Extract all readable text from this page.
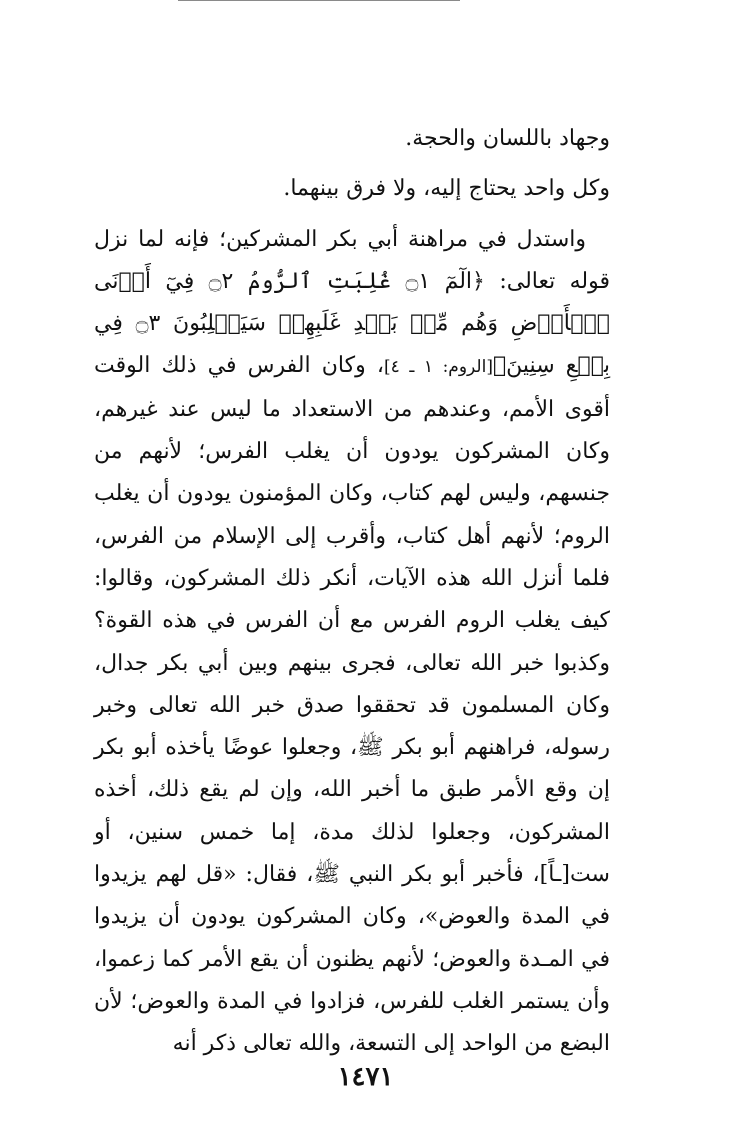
وجهاد باللسان والحجة.

وكل واحد يحتاج إليه، ولا فرق بينهما.

واستدل في مراهنة أبي بكر المشركين؛ فإنه لما نزل قوله تعالى: ﴿الٓمٓ ۝١ غُلِبَتِ ٱلرُّومُ ۝٢ فِيٓ أَدۡنَى ٱلۡأَرۡضِ وَهُم مِّنۢ بَعۡدِ غَلَبِهِمۡ سَيَغۡلِبُونَ ۝٣ فِي بِضۡعِ سِنِينَ﴾[الروم: ١ ـ ٤]، وكان الفرس في ذلك الوقت أقوى الأمم، وعندهم من الاستعداد ما ليس عند غيرهم، وكان المشركون يودون أن يغلب الفرس؛ لأنهم من جنسهم، وليس لهم كتاب، وكان المؤمنون يودون أن يغلب الروم؛ لأنهم أهل كتاب، وأقرب إلى الإسلام من الفرس، فلما أنزل الله هذه الآيات، أنكر ذلك المشركون، وقالوا: كيف يغلب الروم الفرس مع أن الفرس في هذه القوة؟ وكذبوا خبر الله تعالى، فجرى بينهم وبين أبي بكر جدال، وكان المسلمون قد تحققوا صدق خبر الله تعالى وخبر رسوله، فراهنهم أبو بكر ﷺ، وجعلوا عوضًا يأخذه أبو بكر إن وقع الأمر طبق ما أخبر الله، وإن لم يقع ذلك، أخذه المشركون، وجعلوا لذلك مدة، إما خمس سنين، أو ست[ـاً]، فأخبر أبو بكر النبي ﷺ، فقال: «قل لهم يزيدوا في المدة والعوض»، وكان المشركون يودون أن يزيدوا في المـدة والعوض؛ لأنهم يظنون أن يقع الأمر كما زعموا، وأن يستمر الغلب للفرس، فزادوا في المدة والعوض؛ لأن البضع من الواحد إلى التسعة، والله تعالى ذكر أنه

١٤٧١
